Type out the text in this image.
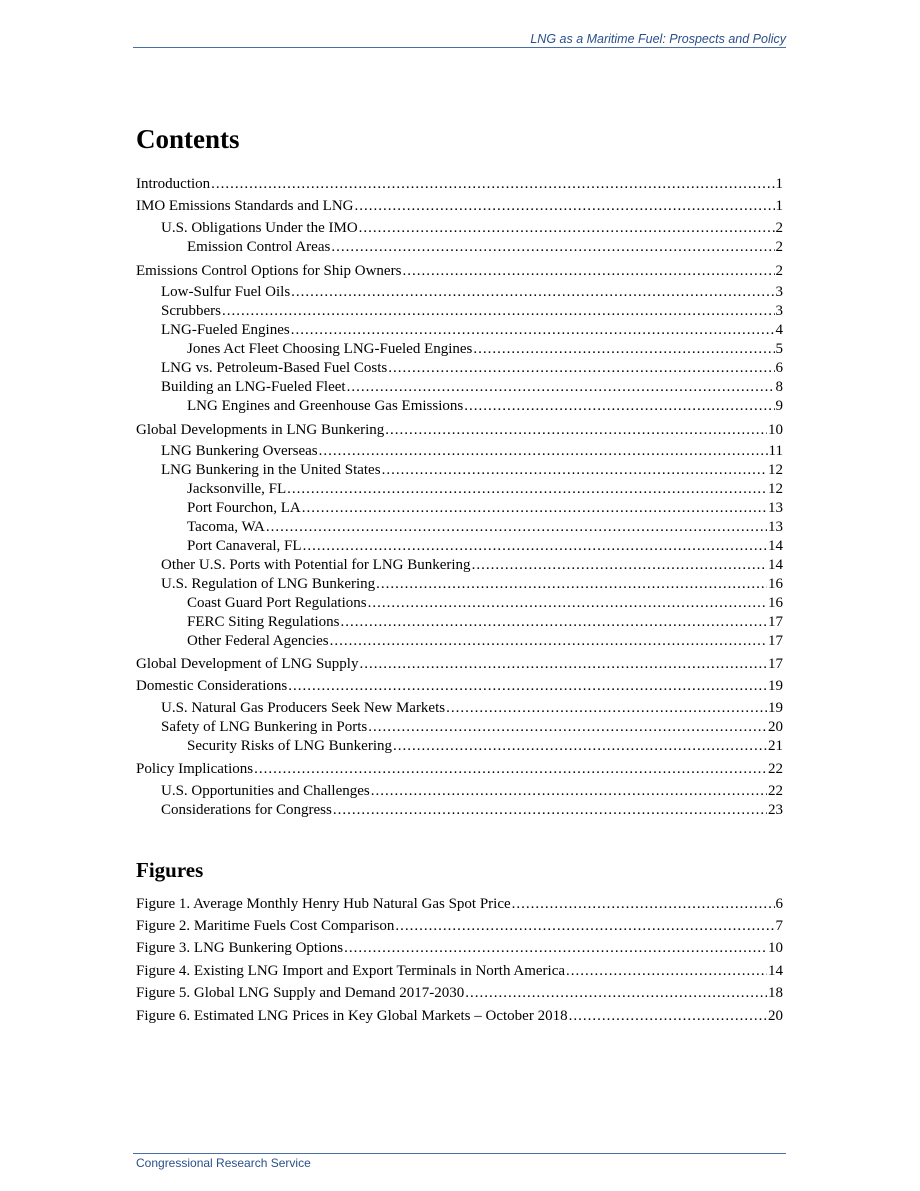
LNG as a Maritime Fuel: Prospects and Policy
Contents
Introduction .....	1
IMO Emissions Standards and LNG .....	1
U.S. Obligations Under the IMO .....	2
Emission Control Areas .....	2
Emissions Control Options for Ship Owners .....	2
Low-Sulfur Fuel Oils .....	3
Scrubbers .....	3
LNG-Fueled Engines .....	4
Jones Act Fleet Choosing LNG-Fueled Engines .....	5
LNG vs. Petroleum-Based Fuel Costs .....	6
Building an LNG-Fueled Fleet .....	8
LNG Engines and Greenhouse Gas Emissions .....	9
Global Developments in LNG Bunkering .....	10
LNG Bunkering Overseas .....	11
LNG Bunkering in the United States .....	12
Jacksonville, FL .....	12
Port Fourchon, LA .....	13
Tacoma, WA .....	13
Port Canaveral, FL .....	14
Other U.S. Ports with Potential for LNG Bunkering .....	14
U.S. Regulation of LNG Bunkering .....	16
Coast Guard Port Regulations .....	16
FERC Siting Regulations .....	17
Other Federal Agencies .....	17
Global Development of LNG Supply .....	17
Domestic Considerations .....	19
U.S. Natural Gas Producers Seek New Markets .....	19
Safety of LNG Bunkering in Ports .....	20
Security Risks of LNG Bunkering .....	21
Policy Implications .....	22
U.S. Opportunities and Challenges .....	22
Considerations for Congress .....	23
Figures
Figure 1. Average Monthly Henry Hub Natural Gas Spot Price .....	6
Figure 2. Maritime Fuels Cost Comparison .....	7
Figure 3. LNG Bunkering Options .....	10
Figure 4. Existing LNG Import and Export Terminals in North America .....	14
Figure 5. Global LNG Supply and Demand 2017-2030 .....	18
Figure 6. Estimated LNG Prices in Key Global Markets – October 2018 .....	20
Congressional Research Service
